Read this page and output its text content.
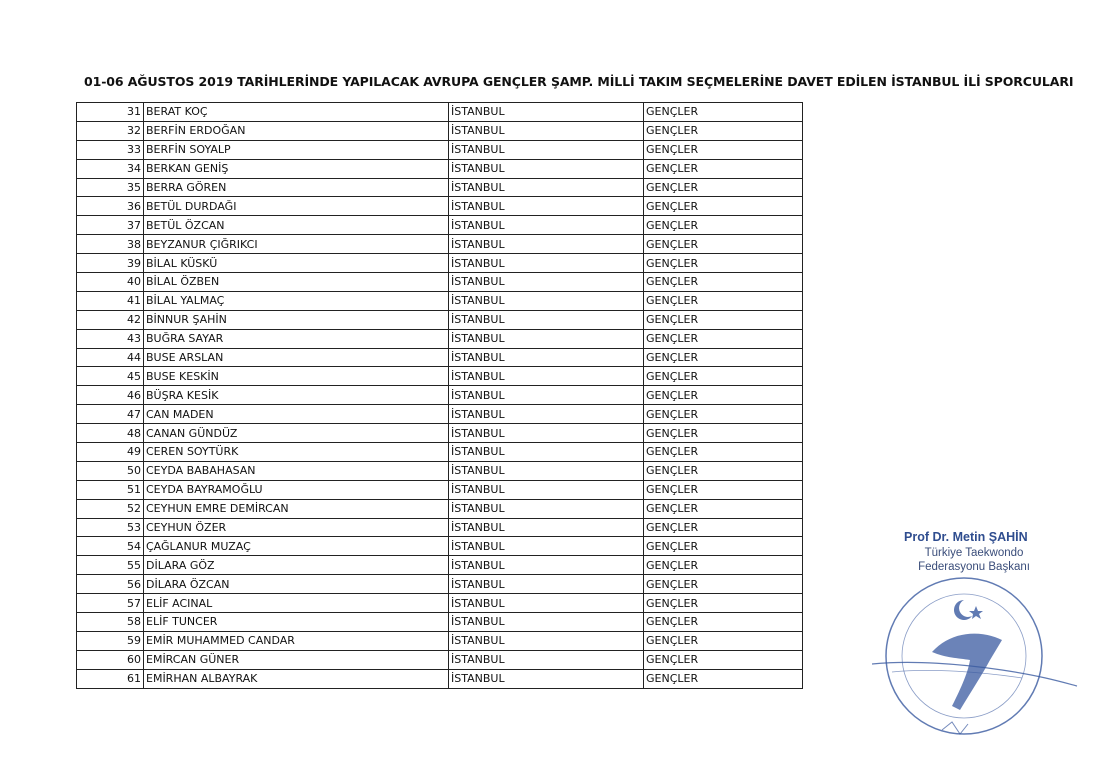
01-06 AĞUSTOS 2019 TARİHLERİNDE YAPILACAK AVRUPA GENÇLER ŞAMP. MİLLİ TAKIM SEÇMELERİNE DAVET EDİLEN İSTANBUL İLİ SPORCULARI
31	BERAT KOÇ	İSTANBUL	GENÇLER
32	BERFİN ERDOĞAN	İSTANBUL	GENÇLER
33	BERFİN SOYALP	İSTANBUL	GENÇLER
34	BERKAN GENİŞ	İSTANBUL	GENÇLER
35	BERRA GÖREN	İSTANBUL	GENÇLER
36	BETÜL DURDAĞI	İSTANBUL	GENÇLER
37	BETÜL ÖZCAN	İSTANBUL	GENÇLER
38	BEYZANUR ÇIĞRIKCI	İSTANBUL	GENÇLER
39	BİLAL KÜSKÜ	İSTANBUL	GENÇLER
40	BİLAL ÖZBEN	İSTANBUL	GENÇLER
41	BİLAL YALMAÇ	İSTANBUL	GENÇLER
42	BİNNUR ŞAHİN	İSTANBUL	GENÇLER
43	BUĞRA SAYAR	İSTANBUL	GENÇLER
44	BUSE ARSLAN	İSTANBUL	GENÇLER
45	BUSE KESKİN	İSTANBUL	GENÇLER
46	BÜŞRA KESİK	İSTANBUL	GENÇLER
47	CAN MADEN	İSTANBUL	GENÇLER
48	CANAN GÜNDÜZ	İSTANBUL	GENÇLER
49	CEREN SOYTÜRK	İSTANBUL	GENÇLER
50	CEYDA BABAHASAN	İSTANBUL	GENÇLER
51	CEYDA BAYRAMOĞLU	İSTANBUL	GENÇLER
52	CEYHUN EMRE DEMİRCAN	İSTANBUL	GENÇLER
53	CEYHUN ÖZER	İSTANBUL	GENÇLER
54	ÇAĞLANUR MUZAÇ	İSTANBUL	GENÇLER
55	DİLARA GÖZ	İSTANBUL	GENÇLER
56	DİLARA ÖZCAN	İSTANBUL	GENÇLER
57	ELİF ACINAL	İSTANBUL	GENÇLER
58	ELİF TUNCER	İSTANBUL	GENÇLER
59	EMİR MUHAMMED CANDAR	İSTANBUL	GENÇLER
60	EMİRCAN GÜNER	İSTANBUL	GENÇLER
61	EMİRHAN ALBAYRAK	İSTANBUL	GENÇLER
Prof Dr. Metin ŞAHİN
Türkiye Taekwondo
Federasyonu Başkanı
